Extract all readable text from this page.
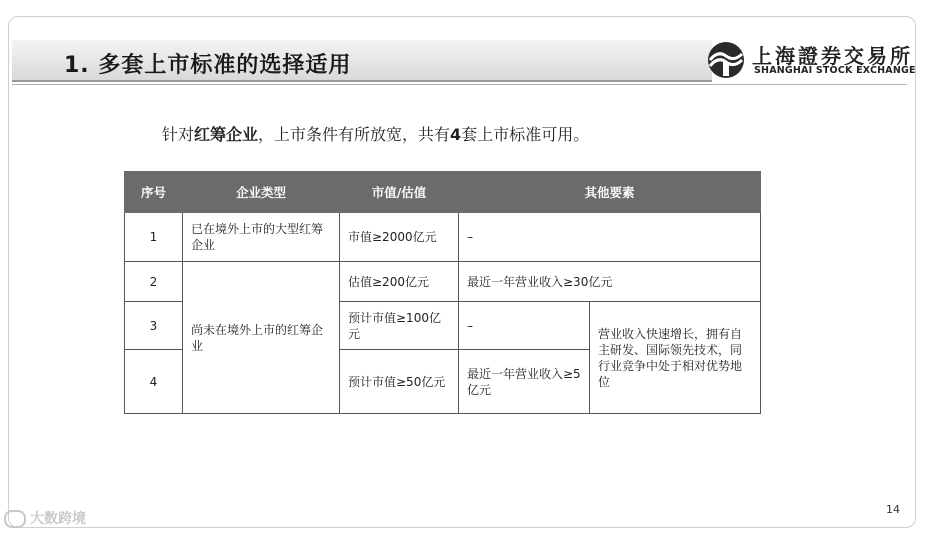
1. 多套上市标准的选择适用	上海證券交易所
SHANGHAI STOCK EXCHANGE
针对红筹企业，上市条件有所放宽，共有4套上市标准可用。
序号	企业类型	市值/估值	其他要素	
1	已在境外上市的大型红筹企业	市值≥2000亿元	–	
2	尚未在境外上市的红筹企业	估值≥200亿元	最近一年营业收入≥30亿元	
3		预计市值≥100亿元	–	营业收入快速增长，拥有自主研发、国际领先技术，同行业竞争中处于相对优势地位
4		预计市值≥50亿元	最近一年营业收入≥5亿元	
14
大数跨境
